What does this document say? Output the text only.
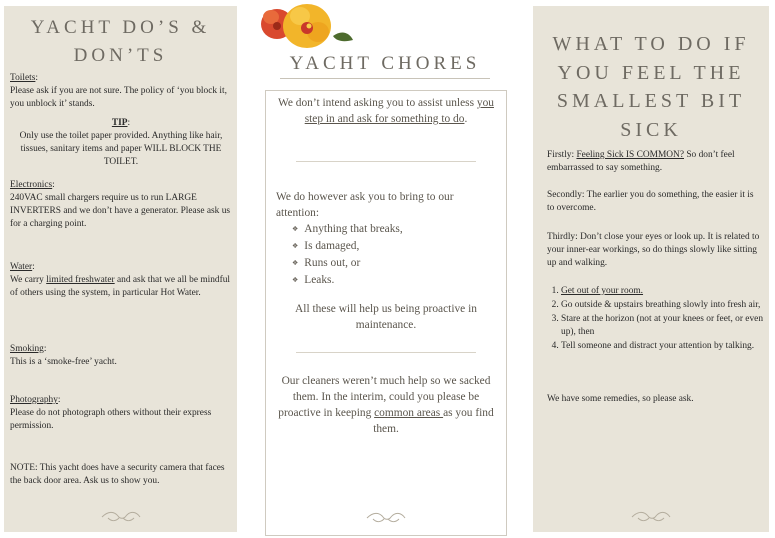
YACHT DO’S & DON’TS
Toilets:
Please ask if you are not sure. The policy of ‘you block it, you unblock it’ stands.
TIP:
Only use the toilet paper provided. Anything like hair, tissues, sanitary items and paper WILL BLOCK THE TOILET.
Electronics:
240VAC small chargers require us to run LARGE INVERTERS and we don’t have a generator. Please ask us for a charging point.
Water:
We carry limited freshwater and ask that we all be mindful of others using the system, in particular Hot Water.
Smoking:
This is a ‘smoke-free’ yacht.
Photography:
Please do not photograph others without their express permission.
NOTE: This yacht does have a security camera that faces the back door area. Ask us to show you.
YACHT CHORES
We don’t intend asking you to assist unless you step in and ask for something to do.
We do however ask you to bring to our attention:
❖ Anything that breaks,
❖ Is damaged,
❖ Runs out, or
❖ Leaks.
All these will help us being proactive in maintenance.
Our cleaners weren’t much help so we sacked them. In the interim, could you please be proactive in keeping common areas as you find them.
WHAT TO DO IF YOU FEEL THE SMALLEST BIT SICK
Firstly: Feeling Sick IS COMMON? So don’t feel embarrassed to say something.
Secondly: The earlier you do something, the easier it is to overcome.
Thirdly: Don’t close your eyes or look up. It is related to your inner-ear workings, so do things slowly like sitting up and walking.
1. Get out of your room.
2. Go outside & upstairs breathing slowly into fresh air,
3. Stare at the horizon (not at your knees or feet, or even up), then
4. Tell someone and distract your attention by talking.
We have some remedies, so please ask.
